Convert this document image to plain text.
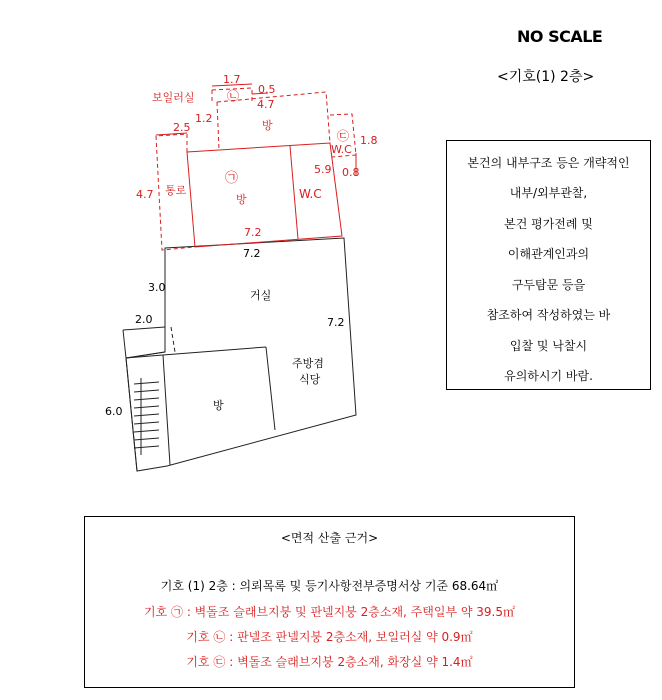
NO SCALE
<기호(1) 2층>
1.7
보일러실	㉡ 0.5
4.7
1.2
방
2.5
㉢ 1.8
W.C
5.9 0.8
㉠
통로
4.7	방	W.C
7.2
7.2
3.0
거실
7.2
2.0
주방겸
식당
방
6.0
본건의 내부구조 등은 개략적인
내부/외부관찰,
본건 평가전례 및
이해관계인과의
구두탐문 등을
참조하여 작성하였는 바
입찰 및 낙찰시
유의하시기 바람.
<면적 산출 근거>
기호 (1) 2층 : 의뢰목록 및 등기사항전부증명서상 기준 68.64㎡
기호 ㉠ : 벽돌조 슬래브지붕 및 판넬지붕 2층소재, 주택일부 약 39.5㎡
기호 ㉡ : 판넬조 판넬지붕 2층소재, 보일러실 약 0.9㎡
기호 ㉢ : 벽돌조 슬래브지붕 2층소재, 화장실 약 1.4㎡
